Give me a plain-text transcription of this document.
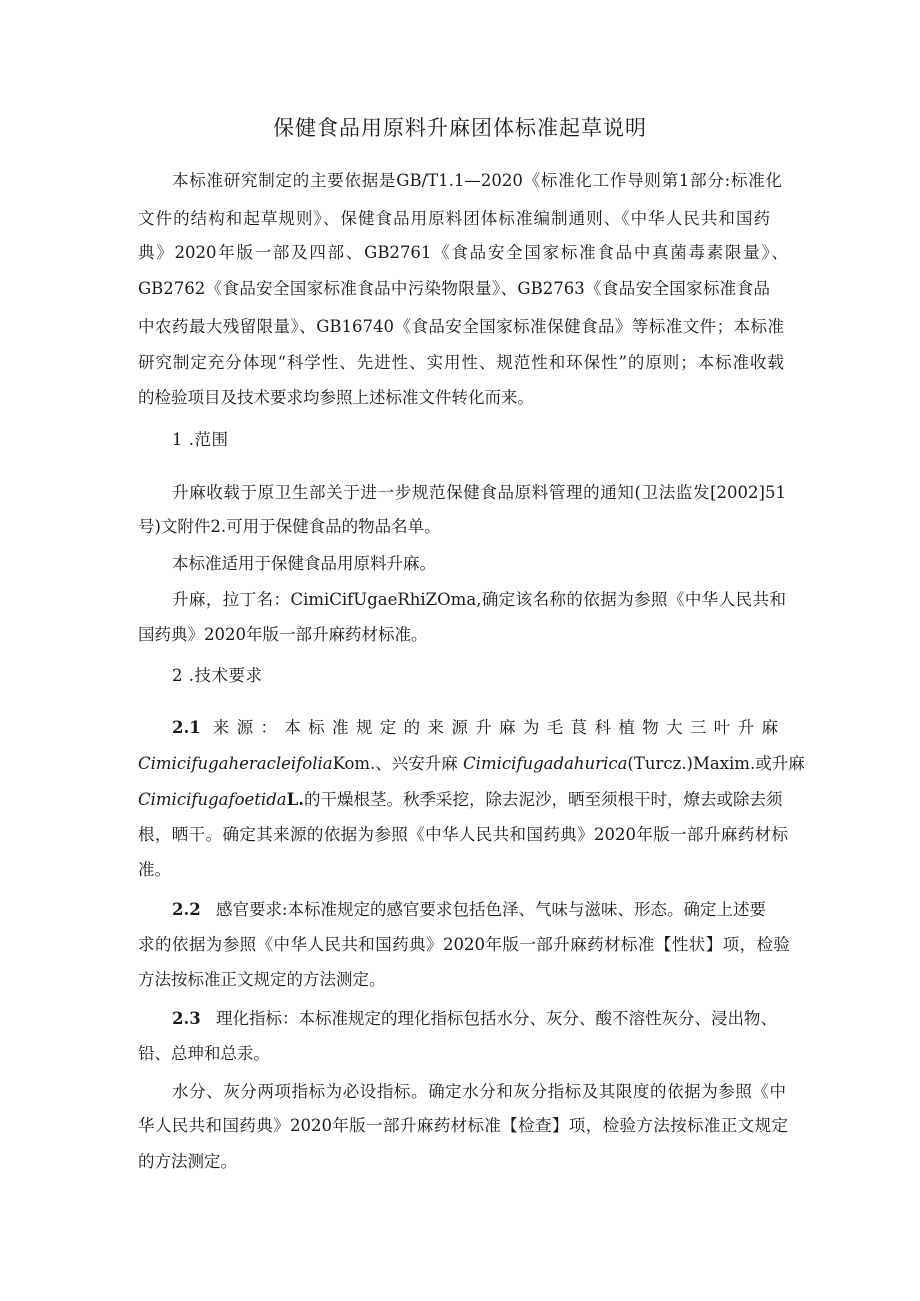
保健食品用原料升麻团体标准起草说明
本标准研究制定的主要依据是GB/T1.1—2020《标准化工作导则第1部分:标准化
文件的结构和起草规则》、保健食品用原料团体标准编制通则、《中华人民共和国药
典》2020年版一部及四部、GB2761《食品安全国家标准食品中真菌毒素限量》、
GB2762《食品安全国家标准食品中污染物限量》、GB2763《食品安全国家标准食品
中农药最大残留限量》、GB16740《食品安全国家标准保健食品》等标准文件；本标准
研究制定充分体现“科学性、先进性、实用性、规范性和环保性”的原则；本标准收载
的检验项目及技术要求均参照上述标准文件转化而来。
1 .范围
升麻收载于原卫生部关于进一步规范保健食品原料管理的通知(卫法监发[2002]51
号)文附件2.可用于保健食品的物品名单。
本标准适用于保健食品用原料升麻。
升麻，拉丁名：CimiCifUgaeRhiZOma,确定该名称的依据为参照《中华人民共和
国药典》2020年版一部升麻药材标准。
2 .技术要求
2.1 来源：本标准规定的来源升麻为毛茛科植物大三叶升麻
CimicifugaheracleifoliaKom.、兴安升麻 Cimicifugadahurica(Turcz.)Maxim.或升麻
CimicifugafoetidaL.的干燥根茎。秋季采挖，除去泥沙，晒至须根干时，燎去或除去须
根，晒干。确定其来源的依据为参照《中华人民共和国药典》2020年版一部升麻药材标
准。
2.2 感官要求:本标准规定的感官要求包括色泽、气味与滋味、形态。确定上述要
求的依据为参照《中华人民共和国药典》2020年版一部升麻药材标准【性状】项，检验
方法按标准正文规定的方法测定。
2.3 理化指标：本标准规定的理化指标包括水分、灰分、酸不溶性灰分、浸出物、
铅、总珅和总汞。
水分、灰分两项指标为必设指标。确定水分和灰分指标及其限度的依据为参照《中
华人民共和国药典》2020年版一部升麻药材标准【检查】项，检验方法按标准正文规定
的方法测定。
